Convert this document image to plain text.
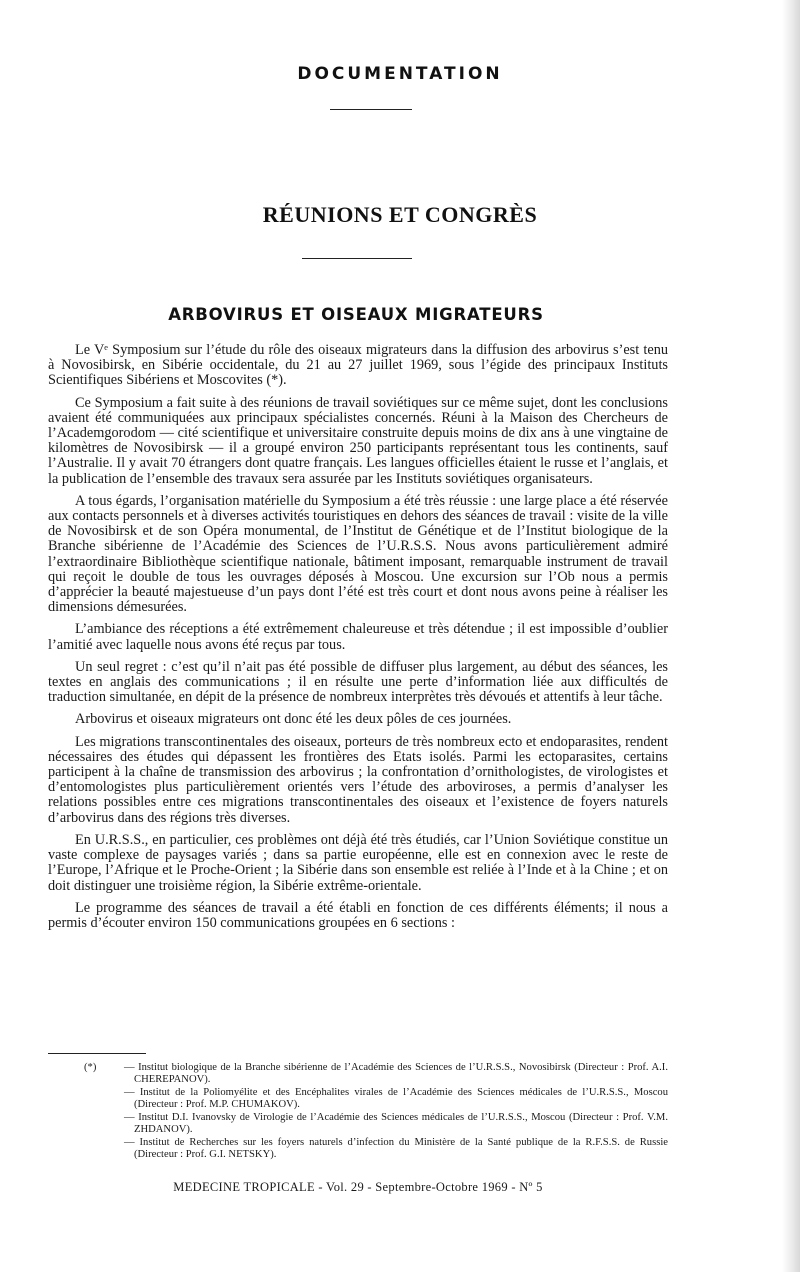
DOCUMENTATION
RÉUNIONS ET CONGRÈS
ARBOVIRUS ET OISEAUX MIGRATEURS

Le Vᵉ Symposium sur l’étude du rôle des oiseaux migrateurs dans la diffusion des arbovirus s’est tenu à Novosibirsk, en Sibérie occidentale, du 21 au 27 juillet 1969, sous l’égide des principaux Instituts Scientifiques Sibériens et Moscovites (*).

Ce Symposium a fait suite à des réunions de travail soviétiques sur ce même sujet, dont les conclusions avaient été communiquées aux principaux spécialistes concernés. Réuni à la Maison des Chercheurs de l’Academgorodom — cité scientifique et universitaire construite depuis moins de dix ans à une vingtaine de kilomètres de Novosibirsk — il a groupé environ 250 participants représentant tous les continents, sauf l’Australie. Il y avait 70 étrangers dont quatre français. Les langues officielles étaient le russe et l’anglais, et la publication de l’ensemble des travaux sera assurée par les Instituts soviétiques organisateurs.

A tous égards, l’organisation matérielle du Symposium a été très réussie : une large place a été réservée aux contacts personnels et à diverses activités touristiques en dehors des séances de travail : visite de la ville de Novosibirsk et de son Opéra monumental, de l’Institut de Génétique et de l’Institut biologique de la Branche sibérienne de l’Académie des Sciences de l’U.R.S.S. Nous avons particulièrement admiré l’extraordinaire Bibliothèque scientifique nationale, bâtiment imposant, remarquable instrument de travail qui reçoit le double de tous les ouvrages déposés à Moscou. Une excursion sur l’Ob nous a permis d’apprécier la beauté majestueuse d’un pays dont l’été est très court et dont nous avons peine à réaliser les dimensions démesurées.

L’ambiance des réceptions a été extrêmement chaleureuse et très détendue ; il est impossible d’oublier l’amitié avec laquelle nous avons été reçus par tous.

Un seul regret : c’est qu’il n’ait pas été possible de diffuser plus largement, au début des séances, les textes en anglais des communications ; il en résulte une perte d’information liée aux difficultés de traduction simultanée, en dépit de la présence de nombreux interprètes très dévoués et attentifs à leur tâche.

Arbovirus et oiseaux migrateurs ont donc été les deux pôles de ces journées.

Les migrations transcontinentales des oiseaux, porteurs de très nombreux ecto et endoparasites, rendent nécessaires des études qui dépassent les frontières des Etats isolés. Parmi les ectoparasites, certains participent à la chaîne de transmission des arbovirus ; la confrontation d’ornithologistes, de virologistes et d’entomologistes plus particulièrement orientés vers l’étude des arboviroses, a permis d’analyser les relations possibles entre ces migrations transcontinentales des oiseaux et l’existence de foyers naturels d’arbovirus dans des régions très diverses.

En U.R.S.S., en particulier, ces problèmes ont déjà été très étudiés, car l’Union Soviétique constitue un vaste complexe de paysages variés ; dans sa partie européenne, elle est en connexion avec le reste de l’Europe, l’Afrique et le Proche-Orient ; la Sibérie dans son ensemble est reliée à l’Inde et à la Chine ; et on doit distinguer une troisième région, la Sibérie extrême-orientale.

Le programme des séances de travail a été établi en fonction de ces différents éléments; il nous a permis d’écouter environ 150 communications groupées en 6 sections :

(*)	— Institut biologique de la Branche sibérienne de l’Académie des Sciences de l’U.R.S.S., Novosibirsk (Directeur : Prof. A.I. CHEREPANOV).
— Institut de la Poliomyélite et des Encéphalites virales de l’Académie des Sciences médicales de l’U.R.S.S., Moscou (Directeur : Prof. M.P. CHUMAKOV).
— Institut D.I. Ivanovsky de Virologie de l’Académie des Sciences médicales de l’U.R.S.S., Moscou (Directeur : Prof. V.M. ZHDANOV).
— Institut de Recherches sur les foyers naturels d’infection du Ministère de la Santé publique de la R.F.S.S. de Russie (Directeur : Prof. G.I. NETSKY).
MEDECINE TROPICALE - Vol. 29 - Septembre-Octobre 1969 - Nº 5
